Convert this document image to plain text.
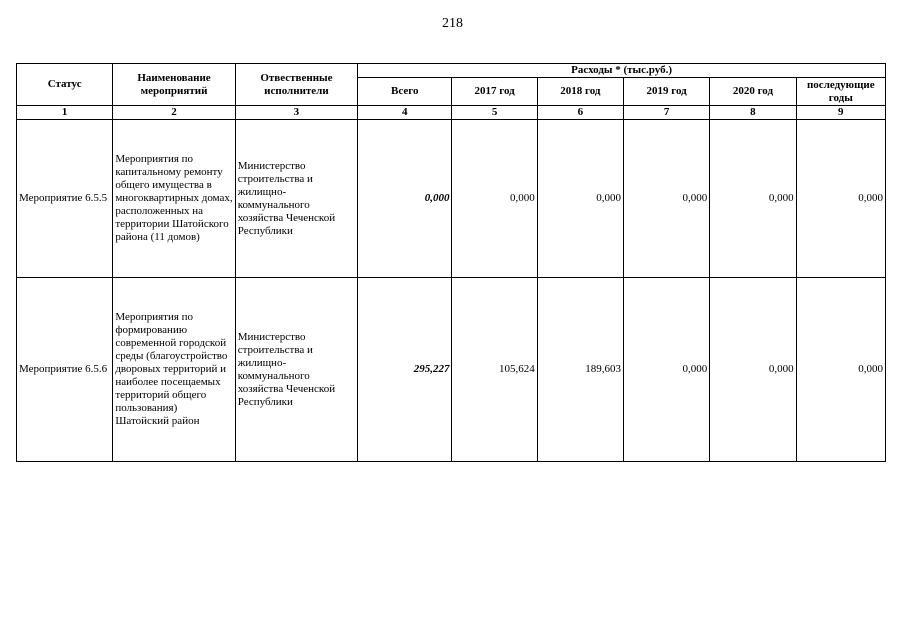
218
Статус	Наименование мероприятий	Отвественные исполнители	Расходы * (тыс.руб.)					
			Всего	2017 год	2018 год	2019 год	2020 год	последующие годы
1	2	3	4	5	6	7	8	9
Мероприятие 6.5.5	Мероприятия по капитальному ремонту общего имущества в многоквартирных домах, расположенных на территории Шатойского района (11 домов)	Министерство строительства и жилищно-коммунального хозяйства Чеченской Республики	0,000	0,000	0,000	0,000	0,000	0,000
Мероприятие 6.5.6	Мероприятия по формированию современной городской среды (благоустройство дворовых территорий и наиболее посещаемых территорий общего пользования) Шатойский район	Министерство строительства и жилищно-коммунального хозяйства Чеченской Республики	295,227	105,624	189,603	0,000	0,000	0,000
